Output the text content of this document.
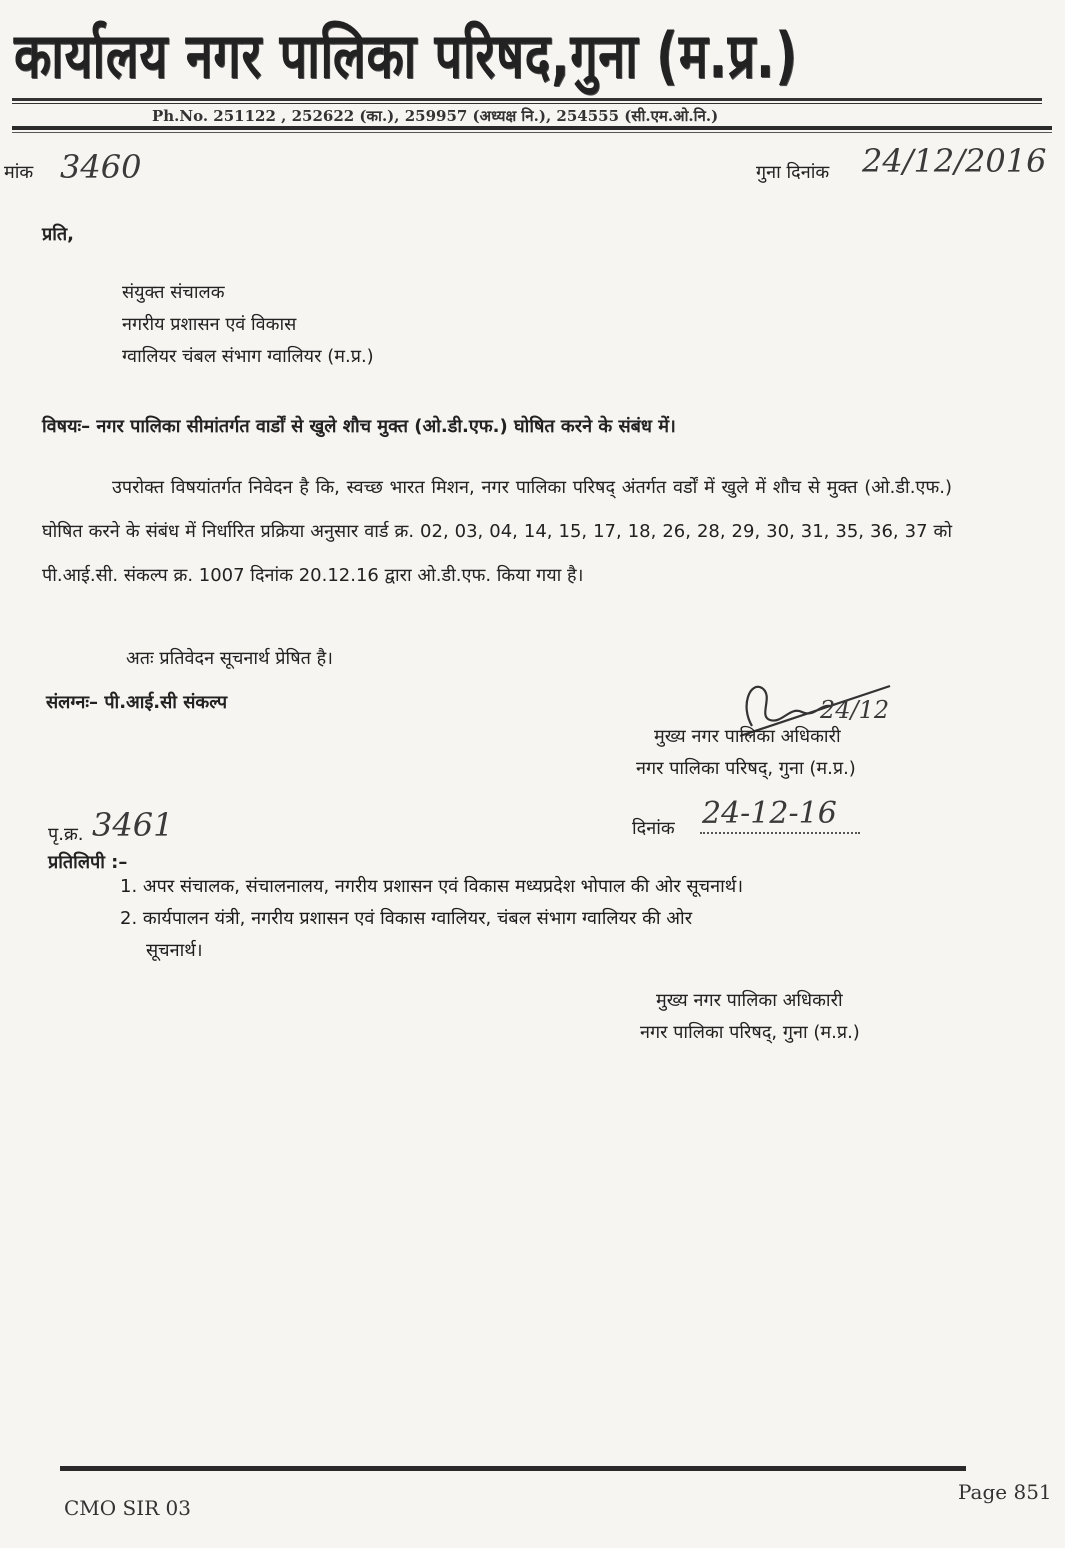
कार्यालय नगर पालिका परिषद,गुना (म.प्र.)
Ph.No. 251122 , 252622 (का.), 259957 (अध्यक्ष नि.), 254555 (सी.एम.ओ.नि.)
मांक 3460	गुना दिनांक 24/12/2016
प्रति,
संयुक्त संचालक
नगरीय प्रशासन एवं विकास
ग्वालियर चंबल संभाग ग्वालियर (म.प्र.)
विषयः– नगर पालिका सीमांतर्गत वार्डों से खुले शौच मुक्त (ओ.डी.एफ.) घोषित करने के संबंध में।
उपरोक्त विषयांतर्गत निवेदन है कि, स्वच्छ भारत मिशन, नगर पालिका परिषद् अंतर्गत वर्डों में खुले में शौच से मुक्त (ओ.डी.एफ.) घोषित करने के संबंध में निर्धारित प्रक्रिया अनुसार वार्ड क्र. 02, 03, 04, 14, 15, 17, 18, 26, 28, 29, 30, 31, 35, 36, 37 को पी.आई.सी. संकल्प क्र. 1007 दिनांक 20.12.16 द्वारा ओ.डी.एफ. किया गया है।
अतः प्रतिवेदन सूचनार्थ प्रेषित है।
संलग्नः– पी.आई.सी संकल्प	24/12
मुख्य नगर पालिका अधिकारी
नगर पालिका परिषद्, गुना (म.प्र.)
पृ.क्र. 3461	दिनांक 24-12-16
प्रतिलिपी :–
1. अपर संचालक, संचालनालय, नगरीय प्रशासन एवं विकास मध्यप्रदेश भोपाल की ओर सूचनार्थ।
2. कार्यपालन यंत्री, नगरीय प्रशासन एवं विकास ग्वालियर, चंबल संभाग ग्वालियर की ओर
सूचनार्थ।
मुख्य नगर पालिका अधिकारी
नगर पालिका परिषद्, गुना (म.प्र.)
CMO SIR 03
Page 851
